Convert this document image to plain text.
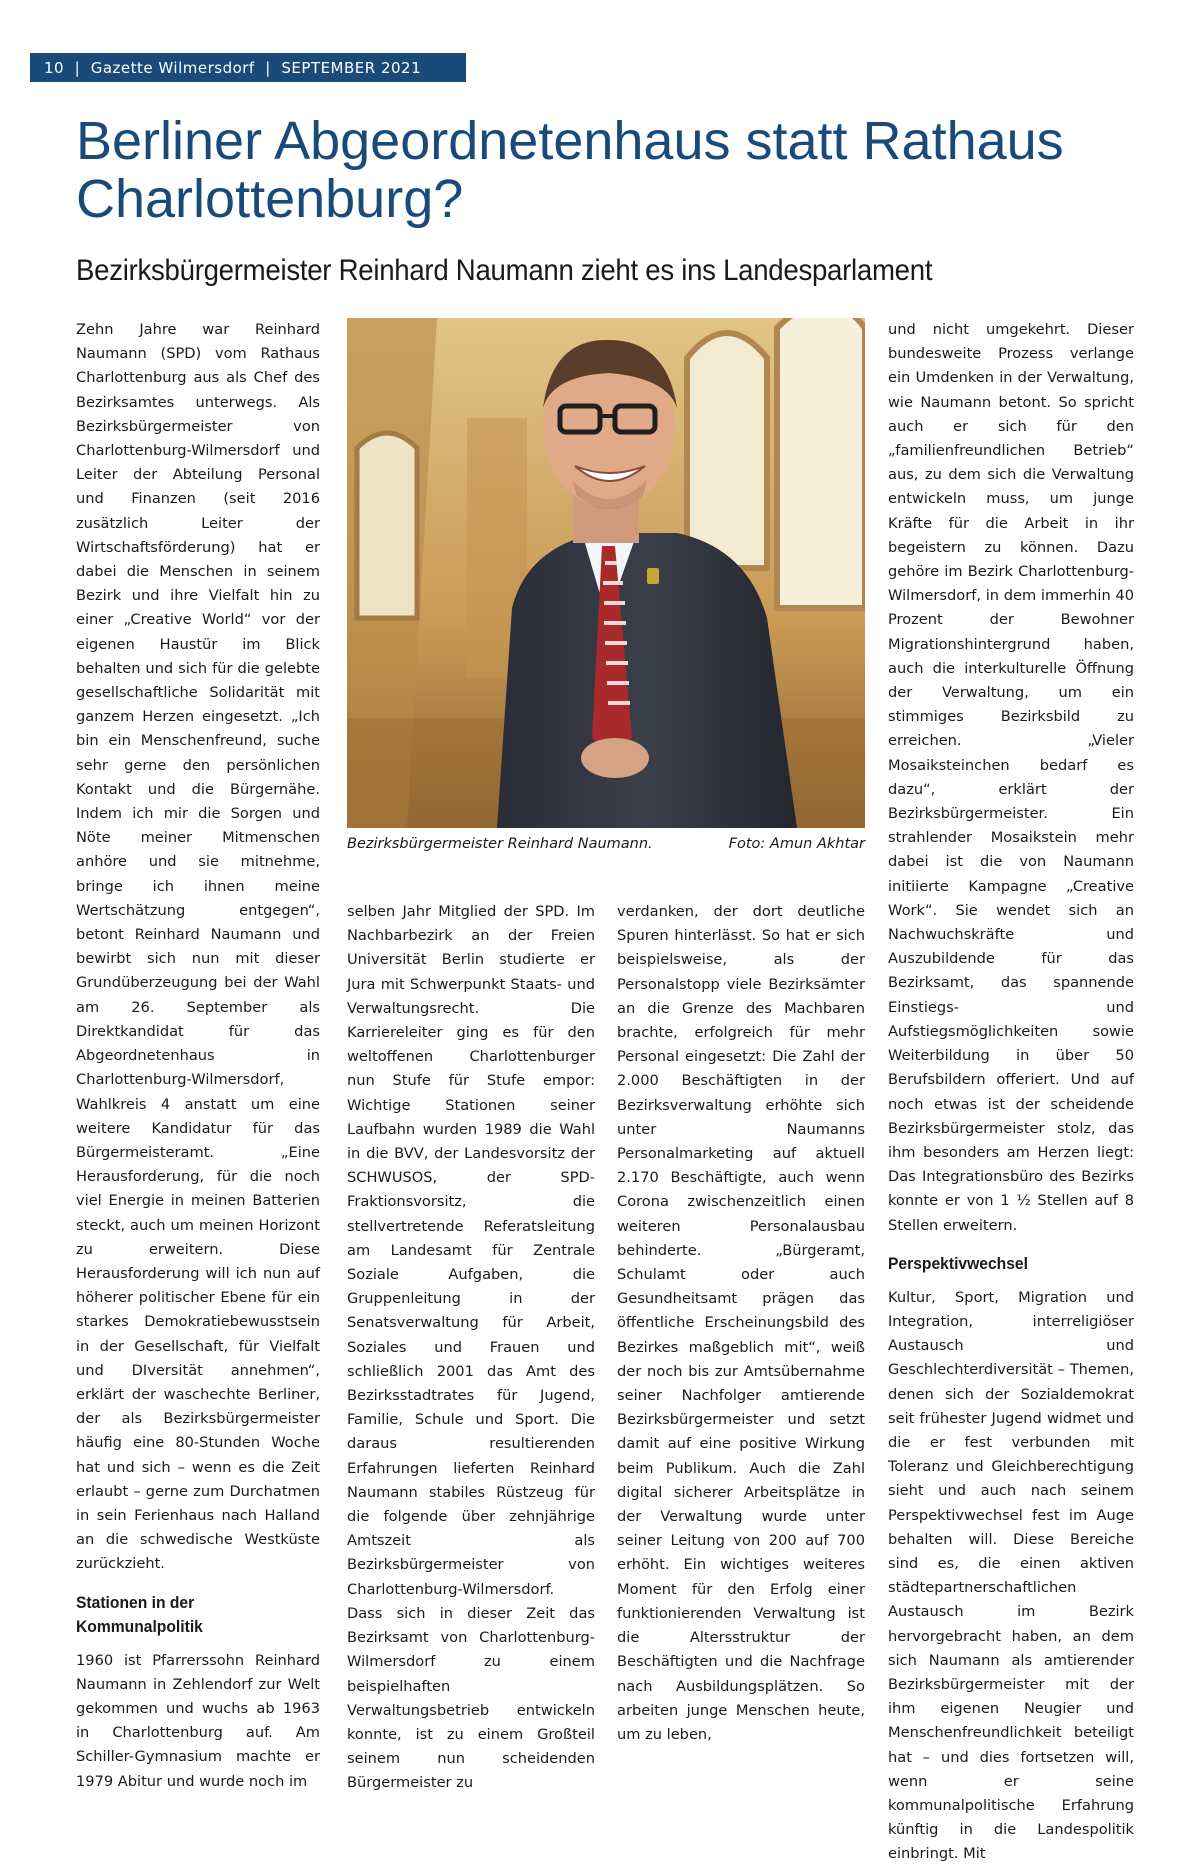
10 | Gazette Wilmersdorf | SEPTEMBER 2021
Berliner Abgeordnetenhaus statt Rathaus Charlottenburg?
Bezirksbürgermeister Reinhard Naumann zieht es ins Landesparlament

Zehn Jahre war Reinhard Naumann (SPD) vom Rathaus Charlottenburg aus als Chef des Bezirksamtes unterwegs. Als Bezirksbürgermeister von Charlottenburg-Wilmersdorf und Leiter der Abteilung Personal und Finanzen (seit 2016 zusätzlich Leiter der Wirtschaftsförderung) hat er dabei die Menschen in seinem Bezirk und ihre Vielfalt hin zu einer „Creative World“ vor der eigenen Haustür im Blick behalten und sich für die gelebte gesellschaftliche Solidarität mit ganzem Herzen eingesetzt. „Ich bin ein Menschenfreund, suche sehr gerne den persönlichen Kontakt und die Bürgernähe. Indem ich mir die Sorgen und Nöte meiner Mitmenschen anhöre und sie mitnehme, bringe ich ihnen meine Wertschätzung entgegen“, betont Reinhard Naumann und bewirbt sich nun mit dieser Grundüberzeugung bei der Wahl am 26. September als Direktkandidat für das Abgeordnetenhaus in Charlottenburg-Wilmersdorf, Wahlkreis 4 anstatt um eine weitere Kandidatur für das Bürgermeisteramt. „Eine Herausforderung, für die noch viel Energie in meinen Batterien steckt, auch um meinen Horizont zu erweitern. Diese Herausforderung will ich nun auf höherer politischer Ebene für ein starkes Demokratiebewusstsein in der Gesellschaft, für Vielfalt und DIversität annehmen“, erklärt der waschechte Berliner, der als Bezirksbürgermeister häufig eine 80-Stunden Woche hat und sich – wenn es die Zeit erlaubt – gerne zum Durchatmen in sein Ferienhaus nach Halland an die schwedische Westküste zurückzieht.

Stationen in der Kommunalpolitik

1960 ist Pfarrerssohn Reinhard Naumann in Zehlendorf zur Welt gekommen und wuchs ab 1963 in Charlottenburg auf. Am Schiller-Gymnasium machte er 1979 Abitur und wurde noch im

Bezirksbürgermeister Reinhard Naumann.	Foto: Amun Akhtar

selben Jahr Mitglied der SPD. Im Nachbarbezirk an der Freien Universität Berlin studierte er Jura mit Schwerpunkt Staats- und Verwaltungsrecht. Die Karriereleiter ging es für den weltoffenen Charlottenburger nun Stufe für Stufe empor: Wichtige Stationen seiner Laufbahn wurden 1989 die Wahl in die BVV, der Landesvorsitz der SCHWUSOS, der SPD-Fraktionsvorsitz, die stellvertretende Referatsleitung am Landesamt für Zentrale Soziale Aufgaben, die Gruppenleitung in der Senatsverwaltung für Arbeit, Soziales und Frauen und schließlich 2001 das Amt des Bezirksstadtrates für Jugend, Familie, Schule und Sport. Die daraus resultierenden Erfahrungen lieferten Reinhard Naumann stabiles Rüstzeug für die folgende über zehnjährige Amtszeit als Bezirksbürgermeister von Charlottenburg-Wilmersdorf.

Dass sich in dieser Zeit das Bezirksamt von Charlottenburg-Wilmersdorf zu einem beispielhaften Verwaltungsbetrieb entwickeln konnte, ist zu einem Großteil seinem nun scheidenden Bürgermeister zu

verdanken, der dort deutliche Spuren hinterlässt. So hat er sich beispielsweise, als der Personalstopp viele Bezirksämter an die Grenze des Machbaren brachte, erfolgreich für mehr Personal eingesetzt: Die Zahl der 2.000 Beschäftigten in der Bezirksverwaltung erhöhte sich unter Naumanns Personalmarketing auf aktuell 2.170 Beschäftigte, auch wenn Corona zwischenzeitlich einen weiteren Personalausbau behinderte. „Bürgeramt, Schulamt oder auch Gesundheitsamt prägen das öffentliche Erscheinungsbild des Bezirkes maßgeblich mit“, weiß der noch bis zur Amtsübernahme seiner Nachfolger amtierende Bezirksbürgermeister und setzt damit auf eine positive Wirkung beim Publikum. Auch die Zahl digital sicherer Arbeitsplätze in der Verwaltung wurde unter seiner Leitung von 200 auf 700 erhöht. Ein wichtiges weiteres Moment für den Erfolg einer funktionierenden Verwaltung ist die Altersstruktur der Beschäftigten und die Nachfrage nach Ausbildungsplätzen. So arbeiten junge Menschen heute, um zu leben,

und nicht umgekehrt. Dieser bundesweite Prozess verlange ein Umdenken in der Verwaltung, wie Naumann betont. So spricht auch er sich für den „familienfreundlichen Betrieb“ aus, zu dem sich die Verwaltung entwickeln muss, um junge Kräfte für die Arbeit in ihr begeistern zu können. Dazu gehöre im Bezirk Charlottenburg-Wilmersdorf, in dem immerhin 40 Prozent der Bewohner Migrationshintergrund haben, auch die interkulturelle Öffnung der Verwaltung, um ein stimmiges Bezirksbild zu erreichen. „Vieler Mosaiksteinchen bedarf es dazu“, erklärt der Bezirksbürgermeister. Ein strahlender Mosaikstein mehr dabei ist die von Naumann initiierte Kampagne „Creative Work“. Sie wendet sich an Nachwuchskräfte und Auszubildende für das Bezirksamt, das spannende Einstiegs- und Aufstiegsmöglichkeiten sowie Weiterbildung in über 50 Berufsbildern offeriert. Und auf noch etwas ist der scheidende Bezirksbürgermeister stolz, das ihm besonders am Herzen liegt: Das Integrationsbüro des Bezirks konnte er von 1 ½ Stellen auf 8 Stellen erweitern.

Perspektivwechsel

Kultur, Sport, Migration und Integration, interreligiöser Austausch und Geschlechterdiversität – Themen, denen sich der Sozialdemokrat seit frühester Jugend widmet und die er fest verbunden mit Toleranz und Gleichberechtigung sieht und auch nach seinem Perspektivwechsel fest im Auge behalten will. Diese Bereiche sind es, die einen aktiven städtepartnerschaftlichen Austausch im Bezirk hervorgebracht haben, an dem sich Naumann als amtierender Bezirksbürgermeister mit der ihm eigenen Neugier und Menschenfreundlichkeit beteiligt hat – und dies fortsetzen will, wenn er seine kommunalpolitische Erfahrung künftig in die Landespolitik einbringt. Mit
